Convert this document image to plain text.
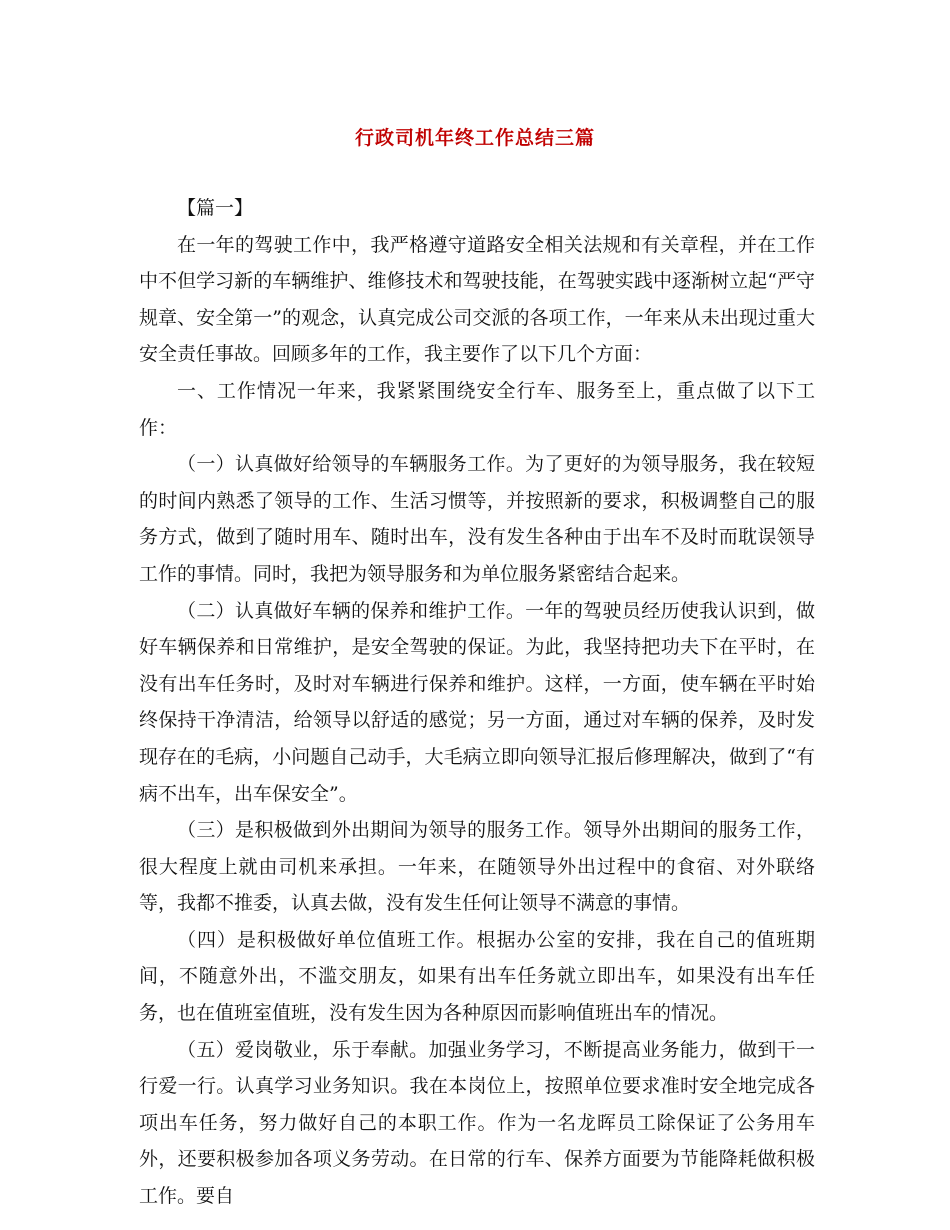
行政司机年终工作总结三篇

【篇一】

在一年的驾驶工作中，我严格遵守道路安全相关法规和有关章程，并在工作中不但学习新的车辆维护、维修技术和驾驶技能，在驾驶实践中逐渐树立起“严守规章、安全第一”的观念，认真完成公司交派的各项工作，一年来从未出现过重大安全责任事故。回顾多年的工作，我主要作了以下几个方面：

一、工作情况一年来，我紧紧围绕安全行车、服务至上，重点做了以下工作：

（一）认真做好给领导的车辆服务工作。为了更好的为领导服务，我在较短的时间内熟悉了领导的工作、生活习惯等，并按照新的要求，积极调整自己的服务方式，做到了随时用车、随时出车，没有发生各种由于出车不及时而耽误领导工作的事情。同时，我把为领导服务和为单位服务紧密结合起来。

（二）认真做好车辆的保养和维护工作。一年的驾驶员经历使我认识到，做好车辆保养和日常维护，是安全驾驶的保证。为此，我坚持把功夫下在平时，在没有出车任务时，及时对车辆进行保养和维护。这样，一方面，使车辆在平时始终保持干净清洁，给领导以舒适的感觉；另一方面，通过对车辆的保养，及时发现存在的毛病，小问题自己动手，大毛病立即向领导汇报后修理解决，做到了“有病不出车，出车保安全”。

（三）是积极做到外出期间为领导的服务工作。领导外出期间的服务工作，很大程度上就由司机来承担。一年来，在随领导外出过程中的食宿、对外联络等，我都不推委，认真去做，没有发生任何让领导不满意的事情。

（四）是积极做好单位值班工作。根据办公室的安排，我在自己的值班期间，不随意外出，不滥交朋友，如果有出车任务就立即出车，如果没有出车任务，也在值班室值班，没有发生因为各种原因而影响值班出车的情况。

（五）爱岗敬业，乐于奉献。加强业务学习，不断提高业务能力，做到干一行爱一行。认真学习业务知识。我在本岗位上，按照单位要求准时安全地完成各项出车任务，努力做好自己的本职工作。作为一名龙晖员工除保证了公务用车外，还要积极参加各项义务劳动。在日常的行车、保养方面要为节能降耗做积极工作。要自
